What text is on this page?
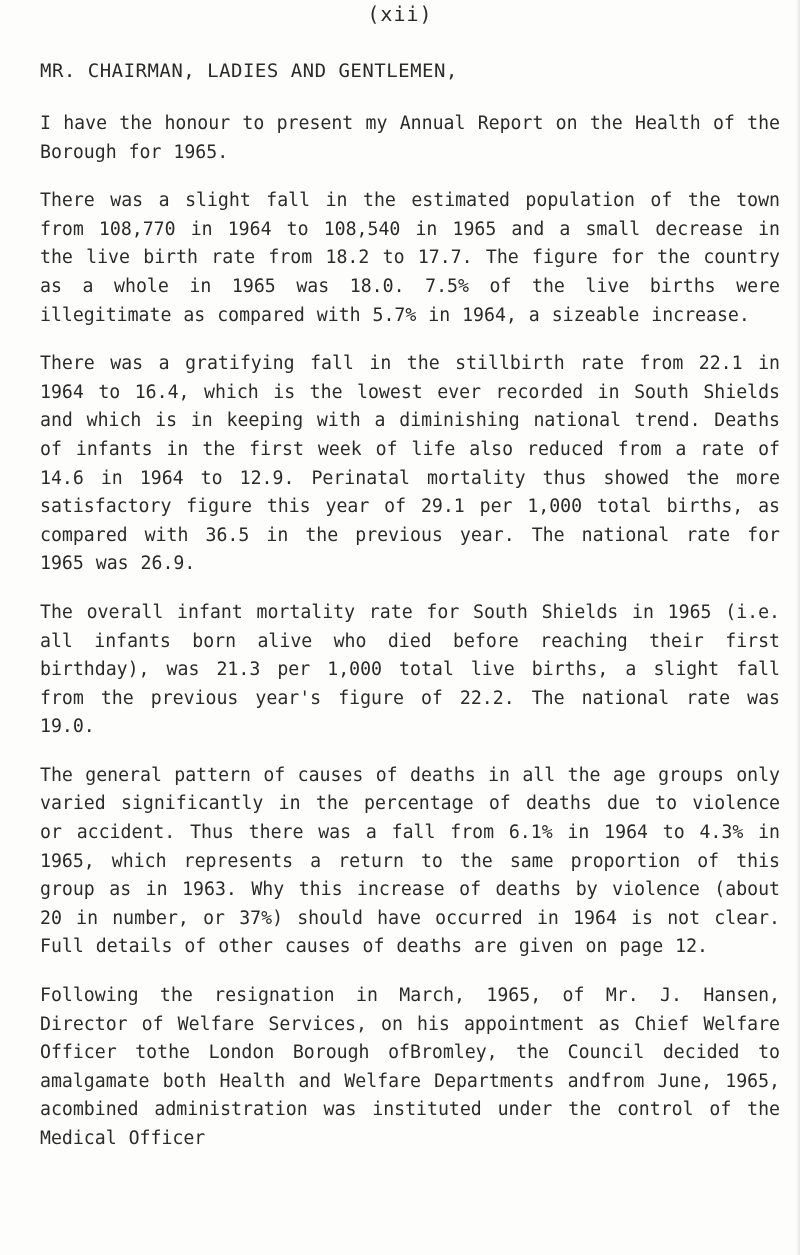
(xii)
MR. CHAIRMAN, LADIES AND GENTLEMEN,

I have the honour to present my Annual Report on the Health of the Borough for 1965.

There was a slight fall in the estimated population of the town from 108,770 in 1964 to 108,540 in 1965 and a small decrease in the live birth rate from 18.2 to 17.7. The figure for the country as a whole in 1965 was 18.0. 7.5% of the live births were illegitimate as compared with 5.7% in 1964, a sizeable increase.

There was a gratifying fall in the stillbirth rate from 22.1 in 1964 to 16.4, which is the lowest ever recorded in South Shields and which is in keeping with a diminishing national trend. Deaths of infants in the first week of life also reduced from a rate of 14.6 in 1964 to 12.9. Perinatal mortality thus showed the more satisfactory figure this year of 29.1 per 1,000 total births, as compared with 36.5 in the previous year. The national rate for 1965 was 26.9.

The overall infant mortality rate for South Shields in 1965 (i.e. all infants born alive who died before reaching their first birthday), was 21.3 per 1,000 total live births, a slight fall from the previous year's figure of 22.2. The national rate was 19.0.

The general pattern of causes of deaths in all the age groups only varied significantly in the percentage of deaths due to violence or accident. Thus there was a fall from 6.1% in 1964 to 4.3% in 1965, which represents a return to the same proportion of this group as in 1963. Why this increase of deaths by violence (about 20 in number, or 37%) should have occurred in 1964 is not clear. Full details of other causes of deaths are given on page 12.

Following the resignation in March, 1965, of Mr. J. Hansen, Director of Welfare Services, on his appointment as Chief Welfare Officer tothe London Borough ofBromley, the Council decided to amalgamate both Health and Welfare Departments andfrom June, 1965, acombined administration was instituted under the control of the Medical Officer
